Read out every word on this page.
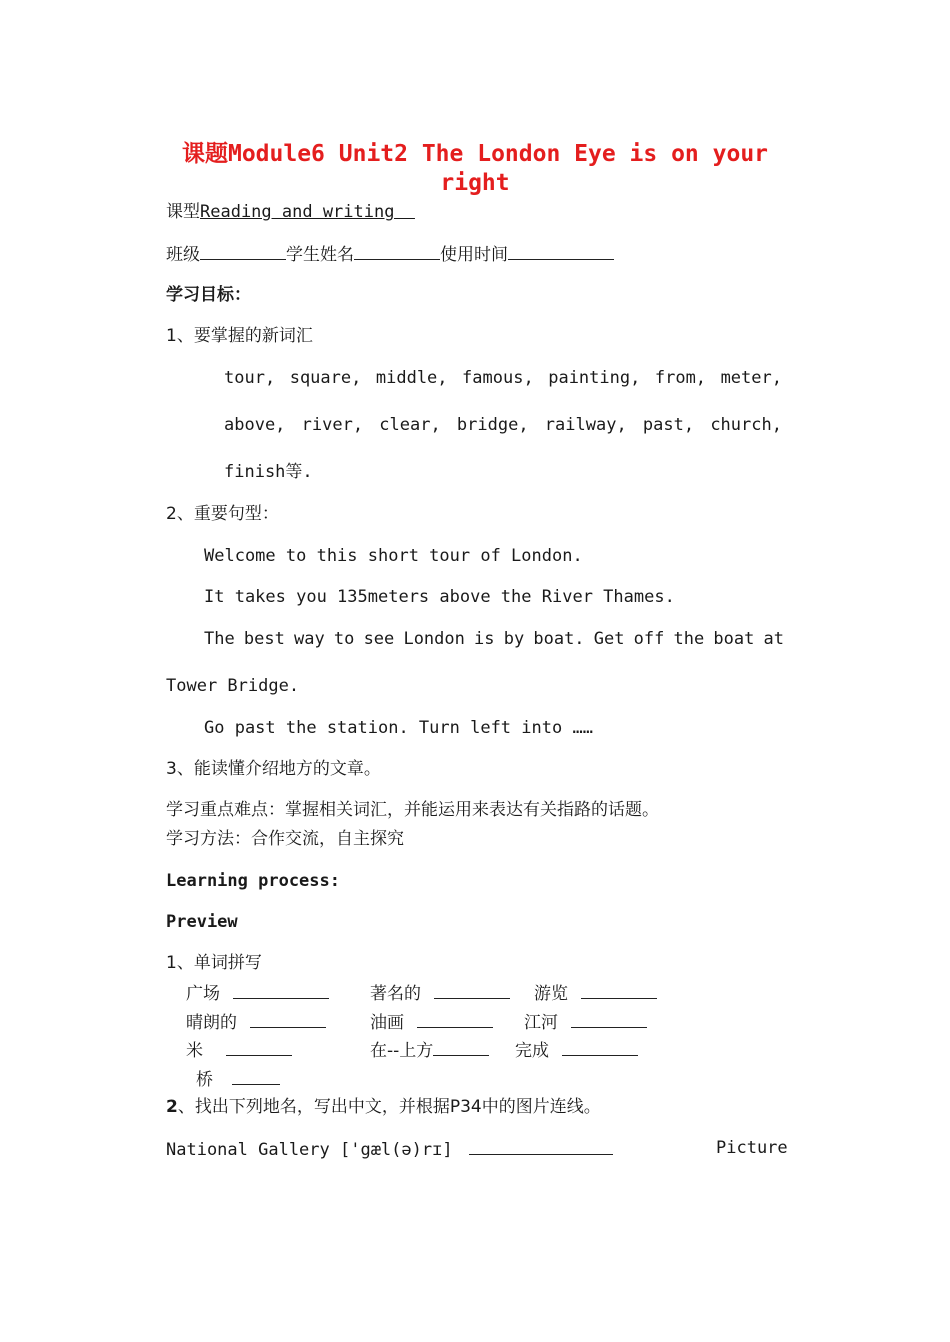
课题Module6 Unit2 The London Eye is on your right
课型Reading and writing
班级	学生姓名	使用时间
学习目标：
1、要掌握的新词汇
tour, square, middle, famous, painting, from, meter,
above, river, clear, bridge, railway, past, church,
finish等.
2、重要句型：
Welcome to this short tour of London.
It takes you 135meters above the River Thames.
The best way to see London is by boat. Get off the boat at
Tower Bridge.
Go past the station. Turn left into ……
3、能读懂介绍地方的文章。
学习重点难点：掌握相关词汇，并能运用来表达有关指路的话题。
学习方法：合作交流，自主探究
Learning process:
Preview
1、单词拼写
广场	著名的	游览
晴朗的	油画	江河
米	在--上方	完成
桥
2、找出下列地名，写出中文，并根据P34中的图片连线。
National Gallery ['gæl(ə)rɪ]	Picture
